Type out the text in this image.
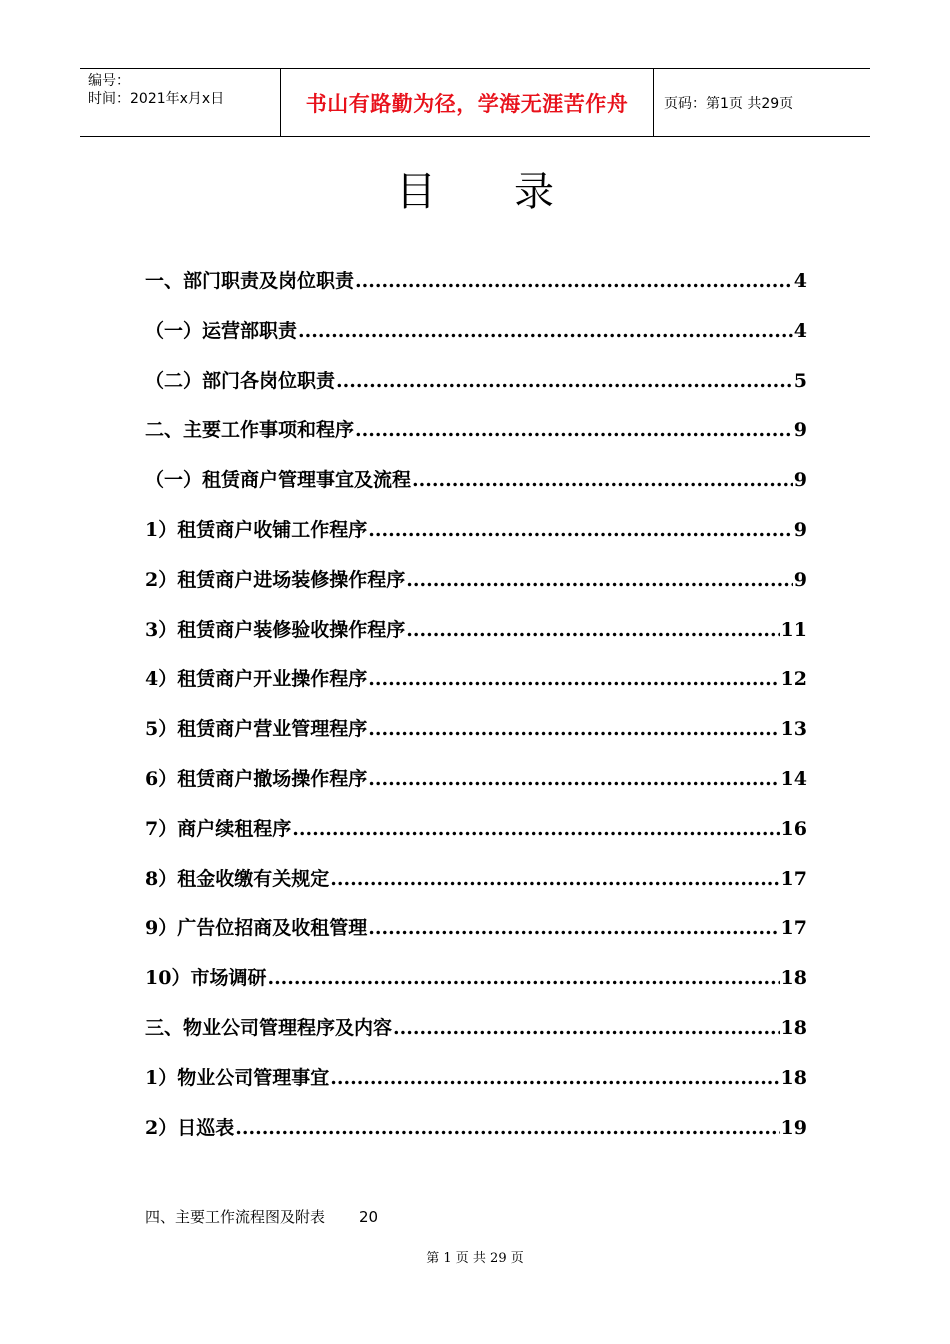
编号：
时间：2021年x月x日	书山有路勤为径，学海无涯苦作舟	页码：第1页 共29页
目录
一、部门职责及岗位职责 .....	4
（一）运营部职责 .....	4
（二）部门各岗位职责 .....	5
二、主要工作事项和程序 .....	9
（一）租赁商户管理事宜及流程 .....	9
1）租赁商户收铺工作程序 .....	9
2）租赁商户进场装修操作程序 .....	9
3）租赁商户装修验收操作程序 .....	11
4）租赁商户开业操作程序 .....	12
5）租赁商户营业管理程序 .....	13
6）租赁商户撤场操作程序 .....	14
7）商户续租程序 .....	16
8）租金收缴有关规定 .....	17
9）广告位招商及收租管理 .....	17
10）市场调研 .....	18
三、物业公司管理程序及内容 .....	18
1）物业公司管理事宜 .....	18
2）日巡表 .....	19
四、主要工作流程图及附表 20
第 1 页 共 29 页
